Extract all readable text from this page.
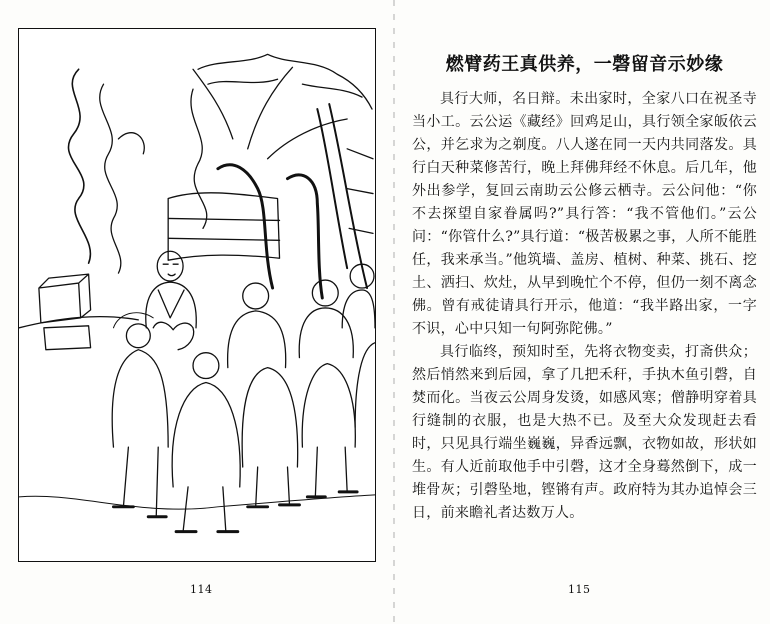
114
燃臂药王真供养，一磬留音示妙缘

具行大师，名日辩。未出家时，全家八口在祝圣寺当小工。云公运《藏经》回鸡足山，具行领全家皈依云公，并乞求为之剃度。八人遂在同一天内共同落发。具行白天种菜修苦行，晚上拜佛拜经不休息。后几年，他外出参学，复回云南助云公修云栖寺。云公问他：“你不去探望自家眷属吗?”具行答：“我不管他们。”云公问：“你管什么?”具行道：“极苦极累之事，人所不能胜任，我来承当。”他筑墙、盖房、植树、种菜、挑石、挖土、洒扫、炊灶，从早到晚忙个不停，但仍一刻不离念佛。曾有戒徒请具行开示，他道：“我半路出家，一字不识，心中只知一句阿弥陀佛。”

具行临终，预知时至，先将衣物变卖，打斋供众；然后悄然来到后园，拿了几把禾秆，手执木鱼引磬，自焚而化。当夜云公周身发烫，如感风寒；僧静明穿着具行缝制的衣服，也是大热不已。及至大众发现赶去看时，只见具行端坐巍巍，异香远飘，衣物如故，形状如生。有人近前取他手中引磬，这才全身蓦然倒下，成一堆骨灰；引磬坠地，铿锵有声。政府特为其办追悼会三日，前来瞻礼者达数万人。

115
